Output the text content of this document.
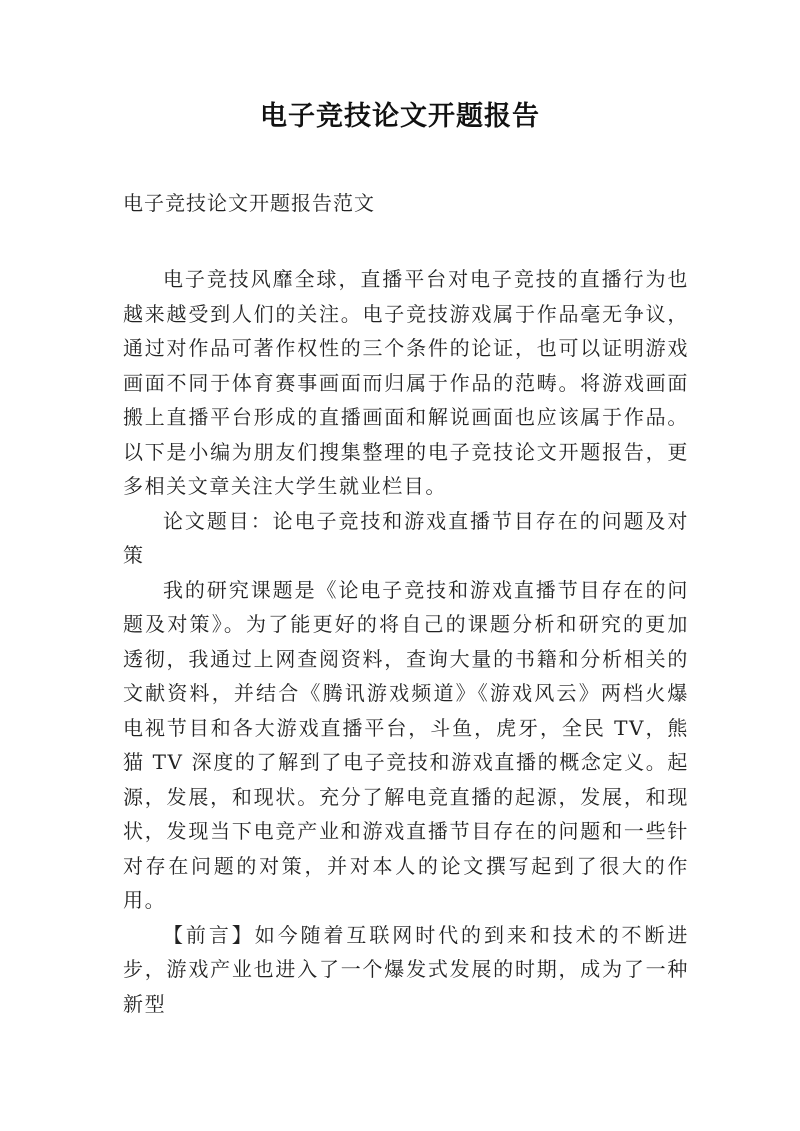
电子竞技论文开题报告
电子竞技论文开题报告范文

电子竞技风靡全球，直播平台对电子竞技的直播行为也越来越受到人们的关注。电子竞技游戏属于作品毫无争议，通过对作品可著作权性的三个条件的论证，也可以证明游戏画面不同于体育赛事画面而归属于作品的范畴。将游戏画面搬上直播平台形成的直播画面和解说画面也应该属于作品。以下是小编为朋友们搜集整理的电子竞技论文开题报告，更多相关文章关注大学生就业栏目。

论文题目：论电子竞技和游戏直播节目存在的问题及对策

我的研究课题是《论电子竞技和游戏直播节目存在的问题及对策》。为了能更好的将自己的课题分析和研究的更加透彻，我通过上网查阅资料，查询大量的书籍和分析相关的文献资料，并结合《腾讯游戏频道》《游戏风云》两档火爆电视节目和各大游戏直播平台，斗鱼，虎牙，全民 TV，熊猫 TV 深度的了解到了电子竞技和游戏直播的概念定义。起源，发展，和现状。充分了解电竞直播的起源，发展，和现状，发现当下电竞产业和游戏直播节目存在的问题和一些针对存在问题的对策，并对本人的论文撰写起到了很大的作用。

【前言】如今随着互联网时代的到来和技术的不断进步，游戏产业也进入了一个爆发式发展的时期，成为了一种新型
